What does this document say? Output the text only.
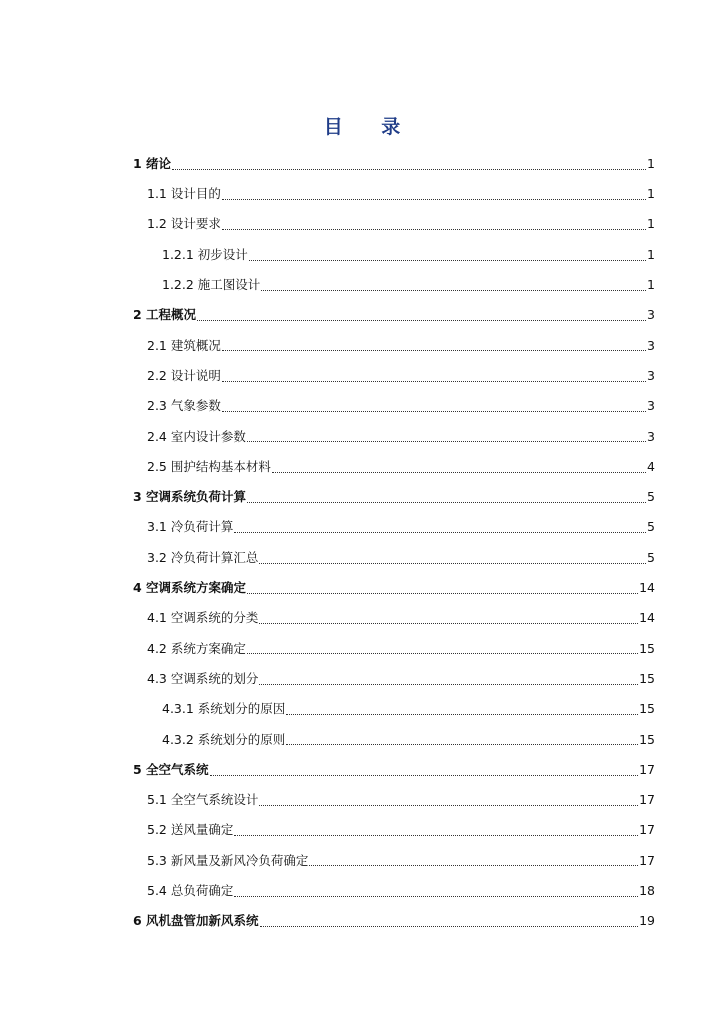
目 录
1 绪论	1
1.1 设计目的	1
1.2 设计要求	1
1.2.1 初步设计	1
1.2.2 施工图设计	1
2 工程概况	3
2.1 建筑概况	3
2.2 设计说明	3
2.3 气象参数	3
2.4 室内设计参数	3
2.5 围护结构基本材料	4
3 空调系统负荷计算	5
3.1 冷负荷计算	5
3.2 冷负荷计算汇总	5
4 空调系统方案确定	14
4.1 空调系统的分类	14
4.2 系统方案确定	15
4.3 空调系统的划分	15
4.3.1 系统划分的原因	15
4.3.2 系统划分的原则	15
5 全空气系统	17
5.1 全空气系统设计	17
5.2 送风量确定	17
5.3 新风量及新风冷负荷确定	17
5.4 总负荷确定	18
6 风机盘管加新风系统	19
